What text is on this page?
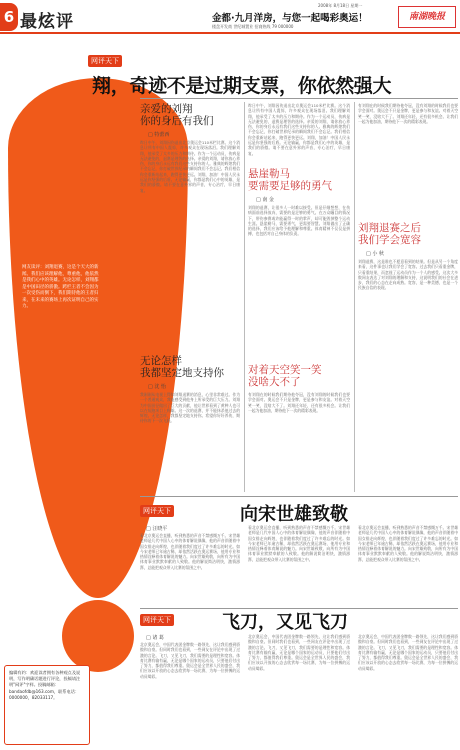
6 最炫评
2008年 8月18日 星期一
金都·九月洋房，与您一起喝彩奥运！
楼盘开发商 世纪城置业 招商热线 79 000000
南湖晚报
网友读评：刘翔退赛，这是个天大的新闻。我们应该理解他，尊重他，他依然是我们心中的英雄。无论怎样，刘翔都是中国田径的骄傲。跨栏王者不会因为一次受伤而倒下，我们期待他的王者归来，在未来的赛场上再次证明自己的实力。
网评天下
翔，奇迹不是过期支票，你依然强大
亲爱的刘翔
你的身后有我们
□ 特蕾西
昨日中午，刘翔因伤退出北京奥运会110米栏比赛。这个消息让所有中国人震惊，许多观众在现场落泪。我们理解刘翔，他承受了太多的压力和期待。作为一个运动员，伤病是无法避免的，退赛是理智的选择。亲爱的刘翔，请你放心养伤，你的身后永远有我们这些支持你的人。雅典的辉煌我们不会忘记，你打破世界纪录的瞬间我们不会忘记。我们相信你会重新站起来，跑得更快更远。刘翔，加油！中国人民永远是你坚强的后盾。无论输赢，你都是我们心中的英雄，是我们的骄傲。请不要在意外界的声音，专心治疗，早日康复。
无论怎样
我都坚定地支持你
□ 沈 怡
我刚刚从电视上得知刘翔退赛的消息，心里非常难过。作为一个普通观众，我能感受到他身上所承受的巨大压力。刘翔为中国田径做出了巨大的贡献，他让世界看到了黄种人也可以在短跑项目上称雄。这一次的退赛，并不能抹杀他过去的辉煌。无论怎样，我都坚定地支持你。希望你好好养伤，期待你的下一次飞跃。
昨日中午，刘翔因伤退出北京奥运会110米栏比赛。这个消息让所有中国人震惊，许多观众在现场落泪。我们理解刘翔，他承受了太多的压力和期待。作为一个运动员，伤病是无法避免的，退赛是理智的选择。亲爱的刘翔，请你放心养伤，你的身后永远有我们这些支持你的人。雅典的辉煌我们不会忘记，你打破世界纪录的瞬间我们不会忘记。我们相信你会重新站起来，跑得更快更远。刘翔，加油！中国人民永远是你坚强的后盾。无论输赢，你都是我们心中的英雄，是我们的骄傲。请不要在意外界的声音，专心治疗，早日康复。
悬崖勒马
要需要足够的勇气
□ 南 金
刘翔的退赛，让很多人一时难以接受。但是仔细想想，在伤病面前选择放弃，需要的是足够的勇气。在万众瞩目的情况下，带伤参赛或许能赢得一时的掌声，却可能毁掉整个运动生涯。悬崖勒马，需要勇气，更需要智慧。刘翔做出了正确的选择，我们应该给予他理解和尊重。体育精神不仅仅是拼搏，也包括对自己身体的负责。
对着天空笑一笑
没啥大不了
有刘翔在的时候我们期待他夺冠，没有刘翔的时候我们也要学会面对。奥运会不只是金牌，更是参与和友谊。对着天空笑一笑，没啥大不了。刘翔还年轻，还有很多机会。让我们一起为他加油，期待他下一次的精彩表现。
有刘翔在的时候我们期待他夺冠，没有刘翔的时候我们也要学会面对。奥运会不只是金牌，更是参与和友谊。对着天空笑一笑，没啥大不了。刘翔还年轻，还有很多机会。让我们一起为他加油，期待他下一次的精彩表现。
刘翔退赛之后
我们学会宽容
□ 小 秋
刘翔退赛，这是谁也不愿意看到的结果。但是从另一个角度来看，这件事也让我们学会了宽容。过去我们只看重金牌，只看重结果，而忽视了运动员作为一个人的感受。这次大多数网友表达了对刘翔的理解和支持，这说明我们的社会在进步，我们的心态在走向成熟。宽容，是一种美德，也是一个民族自信的表现。
网评天下	向宋世雄致敬
□ 汪晓平
看北京奥运会直播，听到熟悉的声音不禁感慨万千。宋世雄老师是几代中国人心中的体育解说偶像，他的声音伴随着中国女排走向辉煌，也伴随着我们度过了许多难忘的时光。如今宋老师已年逾古稀，却依然活跃在奥运赛场，他用专业和热情诠释着体育解说的魅力。向宋世雄致敬，向所有为中国体育事业默默奉献的人致敬。他的解说简洁明快，激情澎湃，总能把观众带入比赛的氛围之中。
看北京奥运会直播，听到熟悉的声音不禁感慨万千。宋世雄老师是几代中国人心中的体育解说偶像，他的声音伴随着中国女排走向辉煌，也伴随着我们度过了许多难忘的时光。如今宋老师已年逾古稀，却依然活跃在奥运赛场，他用专业和热情诠释着体育解说的魅力。向宋世雄致敬，向所有为中国体育事业默默奉献的人致敬。他的解说简洁明快，激情澎湃，总能把观众带入比赛的氛围之中。
看北京奥运会直播，听到熟悉的声音不禁感慨万千。宋世雄老师是几代中国人心中的体育解说偶像，他的声音伴随着中国女排走向辉煌，也伴随着我们度过了许多难忘的时光。如今宋老师已年逾古稀，却依然活跃在奥运赛场，他用专业和热情诠释着体育解说的魅力。向宋世雄致敬，向所有为中国体育事业默默奉献的人致敬。他的解说简洁明快，激情澎湃，总能把观众带入比赛的氛围之中。
网评天下	飞刀，又见飞刀
□ 诸 葛
北京奥运会，中国代表团金牌数一路领先，这让我们感到骄傲和自豪。但同时我们也看到，一些网友在评论中出现了过激的言论。飞刀，又见飞刀，我们需要的是理性和宽容。体育比赛有输有赢，无论是哪个国家的运动员，只要他们付出了努力，都值得我们尊重。奥运会是全世界人民的盛会，我们应该以开放的心态去欣赏每一场比赛，为每一位拼搏的运动员喝彩。
北京奥运会，中国代表团金牌数一路领先，这让我们感到骄傲和自豪。但同时我们也看到，一些网友在评论中出现了过激的言论。飞刀，又见飞刀，我们需要的是理性和宽容。体育比赛有输有赢，无论是哪个国家的运动员，只要他们付出了努力，都值得我们尊重。奥运会是全世界人民的盛会，我们应该以开放的心态去欣赏每一场比赛，为每一位拼搏的运动员喝彩。
北京奥运会，中国代表团金牌数一路领先，这让我们感到骄傲和自豪。但同时我们也看到，一些网友在评论中出现了过激的言论。飞刀，又见飞刀，我们需要的是理性和宽容。体育比赛有输有赢，无论是哪个国家的运动员，只要他们付出了努力，都值得我们尊重。奥运会是全世界人民的盛会，我们应该以开放的心态去欣赏每一场比赛，为每一位拼搏的运动员喝彩。
编辑有约：欢迎读者拥有各种观点及说明，写作明确话题进行评论，投稿请注明"网评"字样。投稿邮箱：bandaofdb@163.com，联系电话：0000000，82033117。
